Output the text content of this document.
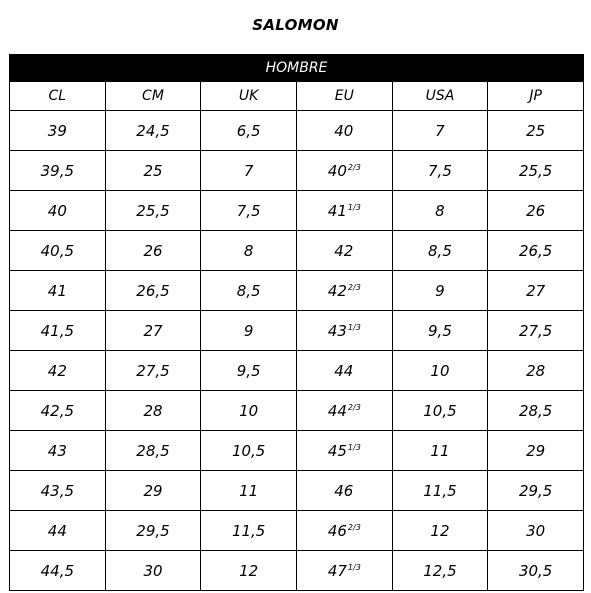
SALOMON
HOMBRE					
CL	CM	UK	EU	USA	JP
39	24,5	6,5	40	7	25
39,5	25	7	$40^{2/3}$	7,5	25,5
40	25,5	7,5	$41^{1/3}$	8	26
40,5	26	8	42	8,5	26,5
41	26,5	8,5	$42^{2/3}$	9	27
41,5	27	9	$43^{1/3}$	9,5	27,5
42	27,5	9,5	44	10	28
42,5	28	10	$44^{2/3}$	10,5	28,5
43	28,5	10,5	$45^{1/3}$	11	29
43,5	29	11	46	11,5	29,5
44	29,5	11,5	$46^{2/3}$	12	30
44,5	30	12	$47^{1/3}$	12,5	30,5
